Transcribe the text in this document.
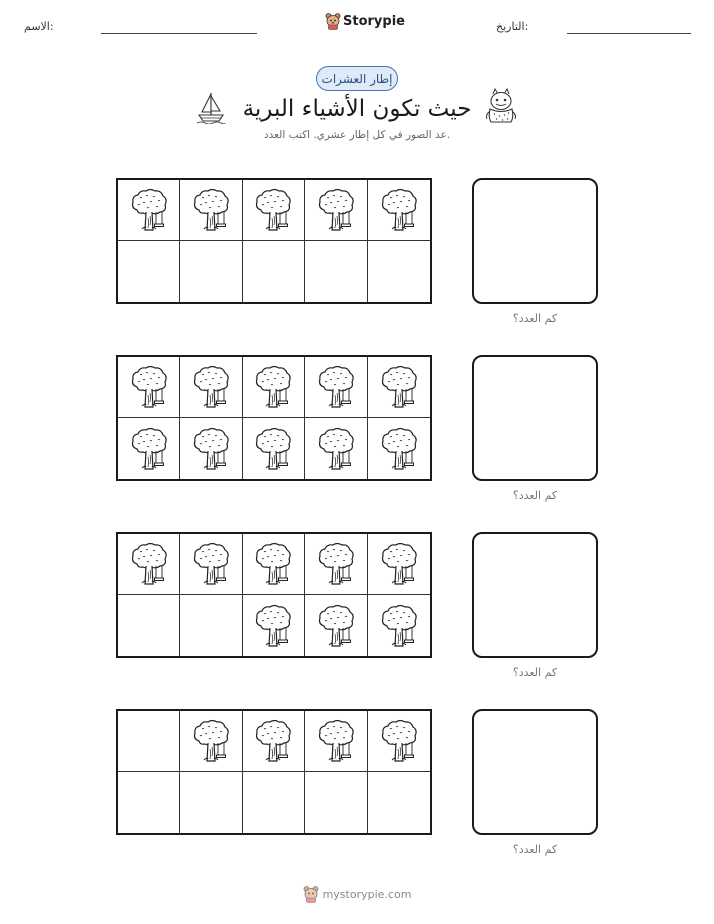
الاسم:	Storypie	التاريخ:
إطار العشرات
حيث تكون الأشياء البرية
عد الصور في كل إطار عشري. اكتب العدد.
كم العدد؟
كم العدد؟
كم العدد؟
كم العدد؟
mystorypie.com
